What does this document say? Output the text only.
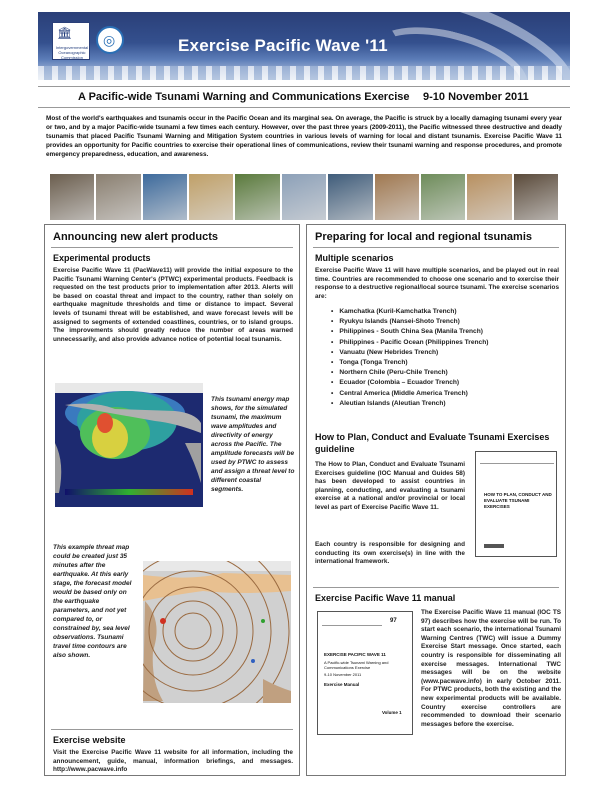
🏛
Intergovernmental Oceanographic Commission
◎	Exercise Pacific Wave '11
A Pacific-wide Tsunami Warning and Communications Exercise 9-10 November 2011
Most of the world's earthquakes and tsunamis occur in the Pacific Ocean and its marginal sea. On average, the Pacific is struck by a locally damaging tsunami every year or two, and by a major Pacific-wide tsunami a few times each century. However, over the past three years (2009-2011), the Pacific witnessed three destructive and deadly tsunamis that placed Pacific Tsunami Warning and Mitigation System countries in various levels of warning for local and distant tsunamis. Exercise Pacific Wave 11 provides an opportunity for Pacific countries to exercise their operational lines of communications, review their tsunami warning and response procedures, and promote emergency preparedness, education, and awareness.
Announcing new alert products
Experimental products
Exercise Pacific Wave 11 (PacWave11) will provide the initial exposure to the Pacific Tsunami Warning Center's (PTWC) experimental products. Feedback is requested on the test products prior to implementation after 2013. Alerts will be based on coastal threat and impact to the country, rather than solely on earthquake magnitude thresholds and time or distance to impact. Several levels of tsunami threat will be established, and wave forecast levels will be assigned to segments of extended coastlines, countries, or to island groups. The improvements should greatly reduce the number of areas warned unnecessarily, and also provide advance notice of potential local tsunamis.
This tsunami energy map shows, for the simulated tsunami, the maximum wave amplitudes and directivity of energy across the Pacific. The amplitude forecasts will be used by PTWC to assess and assign a threat level to different coastal segments.
This example threat map could be created just 35 minutes after the earthquake. At this early stage, the forecast model would be based only on the earthquake parameters, and not yet compared to, or constrained by, sea level observations. Tsunami travel time contours are also shown.
Exercise website
Visit the Exercise Pacific Wave 11 website for all information, including the announcement, guide, manual, information briefings, and messages. http://www.pacwave.info
Preparing for local and regional tsunamis
Multiple scenarios
Exercise Pacific Wave 11 will have multiple scenarios, and be played out in real time. Countries are recommended to choose one scenario and to exercise their response to a destructive regional/local source tsunami. The exercise scenarios are:
• Kamchatka (Kuril-Kamchatka Trench)
• Ryukyu Islands (Nansei-Shoto Trench)
• Philippines - South China Sea (Manila Trench)
• Philippines - Pacific Ocean (Philippines Trench)
• Vanuatu (New Hebrides Trench)
• Tonga (Tonga Trench)
• Northern Chile (Peru-Chile Trench)
• Ecuador (Colombia – Ecuador Trench)
• Central America (Middle America Trench)
• Aleutian Islands (Aleutian Trench)
How to Plan, Conduct and Evaluate Tsunami Exercises guideline
The How to Plan, Conduct and Evaluate Tsunami Exercises guideline (IOC Manual and Guides 58) has been developed to assist countries in planning, conducting, and evaluating a tsunami exercise at a national and/or provincial or local level as part of Exercise Pacific Wave 11.
Each country is responsible for designing and conducting its own exercise(s) in line with the international framework.
HOW TO PLAN, CONDUCT AND EVALUATE TSUNAMI EXERCISES
Exercise Pacific Wave 11 manual
97
EXERCISE PACIFIC WAVE 11
A Pacific-wide Tsunami Warning and Communications Exercise
9-10 November 2011
Exercise Manual
Volume 1
The Exercise Pacific Wave 11 manual (IOC TS 97) describes how the exercise will be run. To start each scenario, the international Tsunami Warning Centres (TWC) will issue a Dummy Exercise Start message. Once started, each country is responsible for disseminating all exercise messages. International TWC messages will be on the website (www.pacwave.info) in early October 2011. For PTWC products, both the existing and the new experimental products will be available. Country exercise controllers are recommended to download their scenario messages before the exercise.
